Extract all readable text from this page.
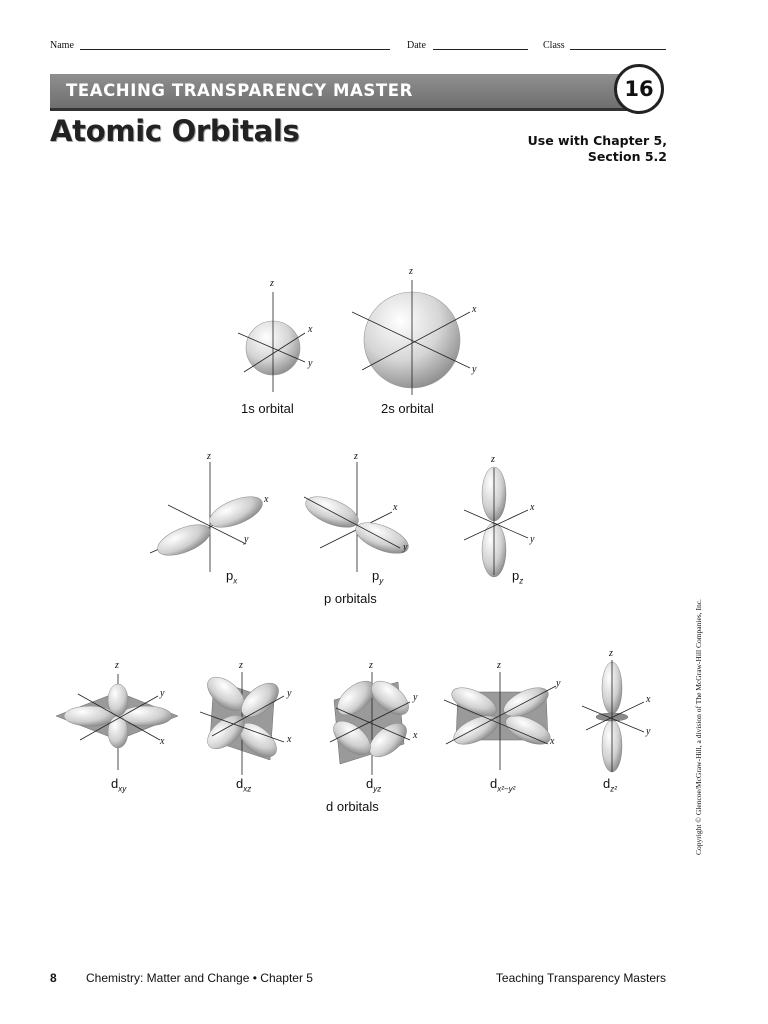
Name	Date	Class
TEACHING TRANSPARENCY MASTER	16
Atomic Orbitals	Use with Chapter 5,
Section 5.2
z
x
y
z
x
y
z
x
y
z
x
y
z
x
y
z
x
y
z
x
y
z
x
y
z
x
y
z
x
y
1s orbital	2s orbital
$p_x$	$p_y$	$p_z$
p orbitals
$d_{xy}$	$d_{xz}$	$d_{yz}$	$d_{x^2-y^2}$	$d_{z^2}$
d orbitals	Copyright © Glencoe/McGraw-Hill, a division of The McGraw-Hill Companies, Inc.
8 Chemistry: Matter and Change • Chapter 5	Teaching Transparency Masters
